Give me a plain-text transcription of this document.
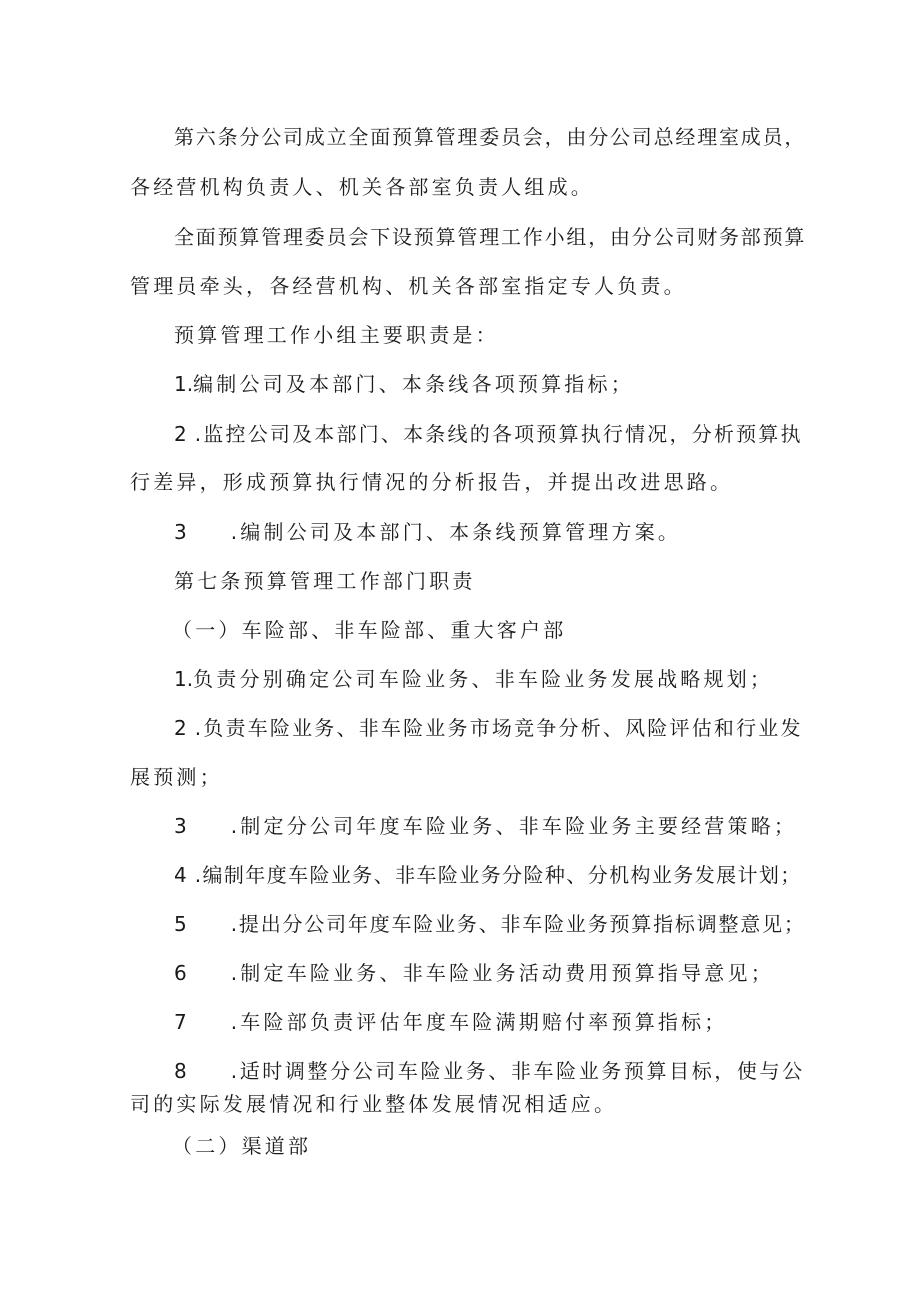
第六条分公司成立全面预算管理委员会，由分公司总经理室成员，

各经营机构负责人、机关各部室负责人组成。

全面预算管理委员会下设预算管理工作小组，由分公司财务部预算

管理员牵头，各经营机构、机关各部室指定专人负责。

预算管理工作小组主要职责是：

1.编制公司及本部门、本条线各项预算指标；

2 .监控公司及本部门、本条线的各项预算执行情况，分析预算执

行差异，形成预算执行情况的分析报告，并提出改进思路。

3 .编制公司及本部门、本条线预算管理方案。

第七条预算管理工作部门职责

（一）车险部、非车险部、重大客户部

1.负责分别确定公司车险业务、非车险业务发展战略规划；

2 .负责车险业务、非车险业务市场竞争分析、风险评估和行业发

展预测；

3 .制定分公司年度车险业务、非车险业务主要经营策略；

4 .编制年度车险业务、非车险业务分险种、分机构业务发展计划；

5 .提出分公司年度车险业务、非车险业务预算指标调整意见；

6 .制定车险业务、非车险业务活动费用预算指导意见；

7 .车险部负责评估年度车险满期赔付率预算指标；

8 .适时调整分公司车险业务、非车险业务预算目标，使与公

司的实际发展情况和行业整体发展情况相适应。

（二）渠道部
